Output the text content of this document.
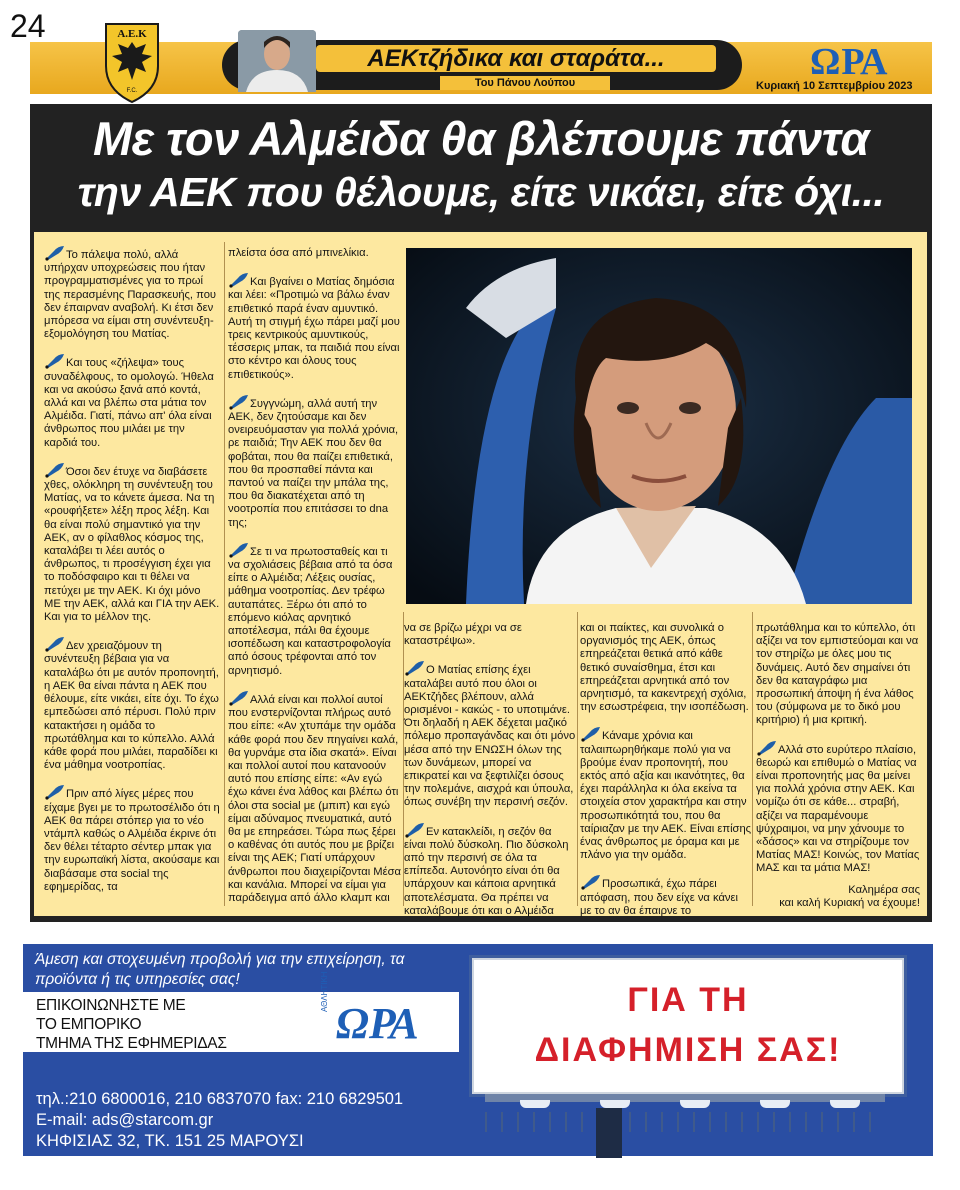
24	Α.Ε.Κ
F.C.
ΑΕΚτζήδικα και σταράτα...
Του Πάνου Λούπου	ΩΡΑ
Κυριακή 10 Σεπτεμβρίου 2023
Με τον Αλμέιδα θα βλέπουμε πάντα
την ΑΕΚ που θέλουμε, είτε νικάει, είτε όχι...

Το πάλεψα πολύ, αλλά υπήρχαν υποχρεώσεις που ήταν προγραμματισμένες για το πρωί της περασμένης Παρασκευής, που δεν έπαιρναν αναβολή. Κι έτσι δεν μπόρεσα να είμαι στη συνέντευξη-εξομολόγηση του Ματίας.

Και τους «ζήλεψα» τους συναδέλφους, το ομολογώ. Ήθελα και να ακούσω ξανά από κοντά, αλλά και να βλέπω στα μάτια τον Αλμέιδα. Γιατί, πάνω απ' όλα είναι άνθρωπος που μιλάει με την καρδιά του.

Όσοι δεν έτυχε να διαβάσετε χθες, ολόκληρη τη συνέντευξη του Ματίας, να το κάνετε άμεσα. Να τη «ρουφήξετε» λέξη προς λέξη. Και θα είναι πολύ σημαντικό για την ΑΕΚ, αν ο φίλαθλος κόσμος της, καταλάβει τι λέει αυτός ο άνθρωπος, τι προσέγγιση έχει για το ποδόσφαιρο και τι θέλει να πετύχει με την ΑΕΚ. Κι όχι μόνο ΜΕ την ΑΕΚ, αλλά και ΓΙΑ την ΑΕΚ. Και για το μέλλον της.

Δεν χρειαζόμουν τη συνέντευξη βέβαια για να καταλάβω ότι με αυτόν προπονητή, η ΑΕΚ θα είναι πάντα η ΑΕΚ που θέλουμε, είτε νικάει, είτε όχι. Το έχω εμπεδώσει από πέρυσι. Πολύ πριν κατακτήσει η ομάδα το πρωτάθλημα και το κύπελλο. Αλλά κάθε φορά που μιλάει, παραδίδει κι ένα μάθημα νοοτροπίας.

Πριν από λίγες μέρες που είχαμε βγει με το πρωτοσέλιδο ότι η ΑΕΚ θα πάρει στόπερ για το νέο ντάμπλ καθώς ο Αλμέιδα έκρινε ότι δεν θέλει τέταρτο σέντερ μπακ για την ευρωπαϊκή λίστα, ακούσαμε και διαβάσαμε στα social της εφημερίδας, τα

πλείστα όσα από μπινελίκια.

Και βγαίνει ο Ματίας δημόσια και λέει: «Προτιμώ να βάλω έναν επιθετικό παρά έναν αμυντικό. Αυτή τη στιγμή έχω πάρει μαζί μου τρεις κεντρικούς αμυντικούς, τέσσερις μπακ, τα παιδιά που είναι στο κέντρο και όλους τους επιθετικούς».

Συγγνώμη, αλλά αυτή την ΑΕΚ, δεν ζητούσαμε και δεν ονειρευόμασταν για πολλά χρόνια, ρε παιδιά; Την ΑΕΚ που δεν θα φοβάται, που θα παίζει επιθετικά, που θα προσπαθεί πάντα και παντού να παίζει την μπάλα της, που θα διακατέχεται από τη νοοτροπία που επιτάσσει το dna της;

Σε τι να πρωτοσταθείς και τι να σχολιάσεις βέβαια από τα όσα είπε ο Αλμέιδα; Λέξεις ουσίας, μάθημα νοοτροπίας. Δεν τρέφω αυταπάτες. Ξέρω ότι από το επόμενο κιόλας αρνητικό αποτέλεσμα, πάλι θα έχουμε ισοπέδωση και καταστροφολογία από όσους τρέφονται από τον αρνητισμό.

Αλλά είναι και πολλοί αυτοί που ενστερνίζονται πλήρως αυτό που είπε: «Αν χτυπάμε την ομάδα κάθε φορά που δεν πηγαίνει καλά, θα γυρνάμε στα ίδια σκατά». Είναι και πολλοί αυτοί που κατανοούν αυτό που επίσης είπε: «Αν εγώ έχω κάνει ένα λάθος και βλέπω ότι όλοι στα social με (μπιπ) και εγώ είμαι αδύναμος πνευματικά, αυτό θα με επηρεάσει. Τώρα πως ξέρει ο καθένας ότι αυτός που με βρίζει είναι της ΑΕΚ; Γιατί υπάρχουν άνθρωποι που διαχειρίζονται Μέσα και κανάλια. Μπορεί να είμαι για παράδειγμα από άλλο κλαμπ και

να σε βρίζω μέχρι να σε καταστρέψω».

Ο Ματίας επίσης έχει καταλάβει αυτό που όλοι οι ΑΕΚτζήδες βλέπουν, αλλά ορισμένοι - κακώς - το υποτιμάνε. Ότι δηλαδή η ΑΕΚ δέχεται μαζικό πόλεμο προπαγάνδας και ότι μόνο μέσα από την ΕΝΩΣΗ όλων της των δυνάμεων, μπορεί να επικρατεί και να ξεφτιλίζει όσους την πολεμάνε, αισχρά και ύπουλα, όπως συνέβη την περσινή σεζόν.

Εν κατακλείδι, η σεζόν θα είναι πολύ δύσκολη. Πιο δύσκολη από την περσινή σε όλα τα επίπεδα. Αυτονόητο είναι ότι θα υπάρχουν και κάποια αρνητικά αποτελέσματα. Θα πρέπει να καταλάβουμε ότι και ο Αλμέιδα

και οι παίκτες, και συνολικά ο οργανισμός της ΑΕΚ, όπως επηρεάζεται θετικά από κάθε θετικό συναίσθημα, έτσι και επηρεάζεται αρνητικά από τον αρνητισμό, τα κακεντρεχή σχόλια, την εσωστρέφεια, την ισοπέδωση.

Κάναμε χρόνια και ταλαιπωρηθήκαμε πολύ για να βρούμε έναν προπονητή, που εκτός από αξία και ικανότητες, θα έχει παράλληλα κι όλα εκείνα τα στοιχεία στον χαρακτήρα και στην προσωπικότητά του, που θα ταίριαζαν με την ΑΕΚ. Είναι επίσης ένας άνθρωπος με όραμα και με πλάνο για την ομάδα.

Προσωπικά, έχω πάρει απόφαση, που δεν είχε να κάνει με το αν θα έπαιρνε το

πρωτάθλημα και το κύπελλο, ότι αξίζει να τον εμπιστεύομαι και να τον στηρίζω με όλες μου τις δυνάμεις. Αυτό δεν σημαίνει ότι δεν θα καταγράφω μια προσωπική άποψη ή ένα λάθος του (σύμφωνα με το δικό μου κριτήριο) ή μια κριτική.

Αλλά στο ευρύτερο πλαίσιο, θεωρώ και επιθυμώ ο Ματίας να είναι προπονητής μας θα μείνει για πολλά χρόνια στην ΑΕΚ. Και νομίζω ότι σε κάθε... στραβή, αξίζει να παραμένουμε ψύχραιμοι, να μην χάνουμε το «δάσος» και να στηρίζουμε τον Ματίας ΜΑΣ! Κοινώς, τον Ματίας ΜΑΣ και τα μάτια ΜΑΣ!

Καλημέρα σας
και καλή Κυριακή να έχουμε!
Άμεση και στοχευμένη προβολή για την επιχείρηση, τα προϊόντα ή τις υπηρεσίες σας!
ΕΠΙΚΟΙΝΩΝΗΣΤΕ ΜΕ
ΤΟ ΕΜΠΟΡΙΚΟ
ΤΜΗΜΑ ΤΗΣ ΕΦΗΜΕΡΙΔΑΣ
ΑΘΛΗΤΙΚΗ
ΩΡΑ
τηλ.:210 6800016, 210 6837070 fax: 210 6829501
E-mail: ads@starcom.gr
ΚΗΦΙΣΙΑΣ 32, ΤΚ. 151 25 ΜΑΡΟΥΣΙ
ΓΙΑ ΤΗ
ΔΙΑΦΗΜΙΣΗ ΣΑΣ!
